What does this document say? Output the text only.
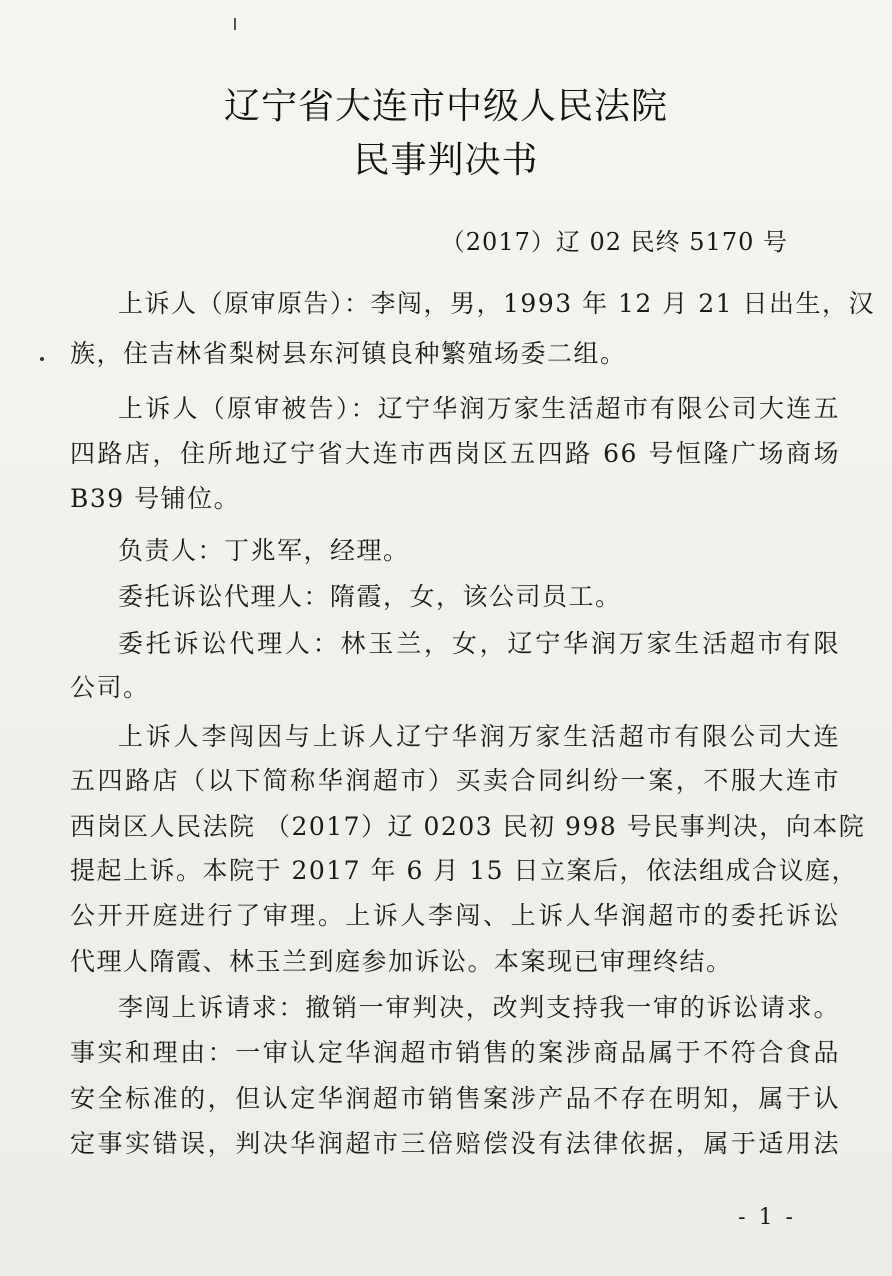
辽宁省大连市中级人民法院
民事判决书
（2017）辽 02 民终 5170 号
上诉人（原审原告）：李闯，男，1993 年 12 月 21 日出生，汉
族，住吉林省梨树县东河镇良种繁殖场委二组。
上诉人（原审被告）：辽宁华润万家生活超市有限公司大连五
四路店，住所地辽宁省大连市西岗区五四路 66 号恒隆广场商场
B39 号铺位。
负责人：丁兆军，经理。
委托诉讼代理人：隋霞，女，该公司员工。
委托诉讼代理人：林玉兰，女，辽宁华润万家生活超市有限
公司。
上诉人李闯因与上诉人辽宁华润万家生活超市有限公司大连
五四路店（以下简称华润超市）买卖合同纠纷一案，不服大连市
西岗区人民法院 （2017）辽 0203 民初 998 号民事判决，向本院
提起上诉。本院于 2017 年 6 月 15 日立案后，依法组成合议庭，
公开开庭进行了审理。上诉人李闯、上诉人华润超市的委托诉讼
代理人隋霞、林玉兰到庭参加诉讼。本案现已审理终结。
李闯上诉请求：撤销一审判决，改判支持我一审的诉讼请求。
事实和理由：一审认定华润超市销售的案涉商品属于不符合食品
安全标准的，但认定华润超市销售案涉产品不存在明知，属于认
定事实错误，判决华润超市三倍赔偿没有法律依据，属于适用法
- 1 -
